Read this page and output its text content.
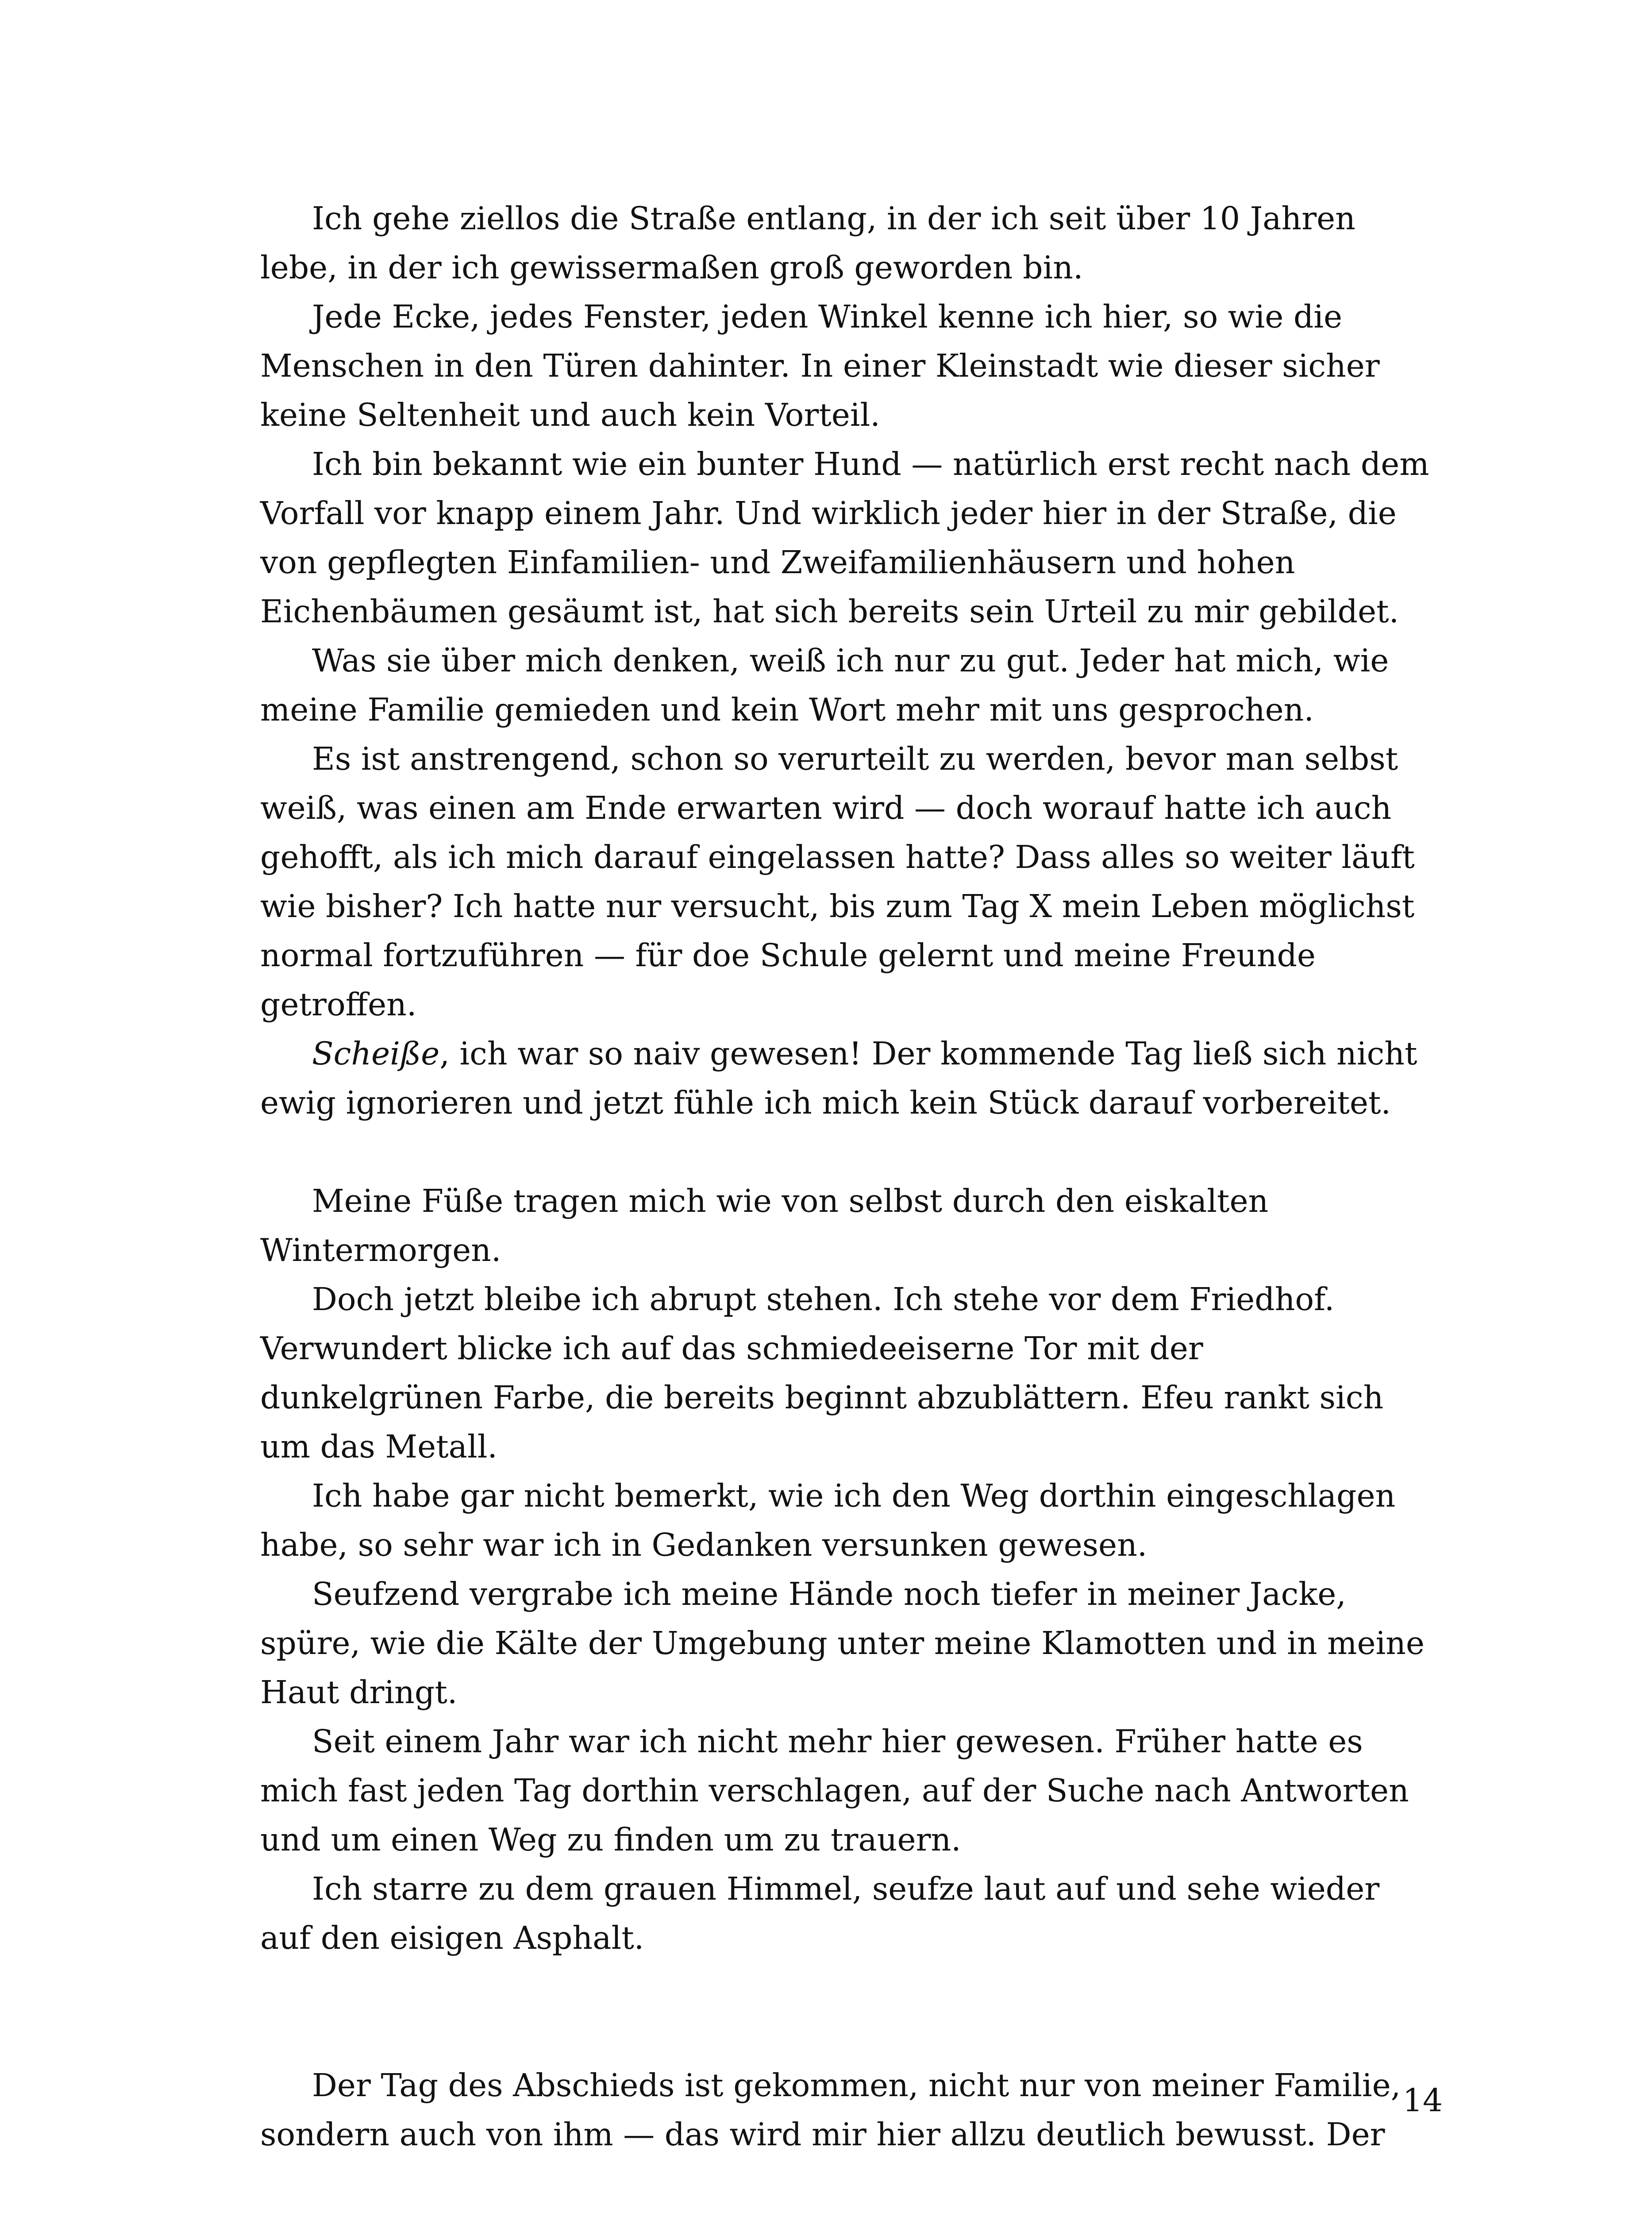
Ich gehe ziellos die Straße entlang, in der ich seit über 10 Jahren lebe, in der ich gewissermaßen groß geworden bin.

Jede Ecke, jedes Fenster, jeden Winkel kenne ich hier, so wie die Menschen in den Türen dahinter. In einer Kleinstadt wie dieser sicher keine Seltenheit und auch kein Vorteil.

Ich bin bekannt wie ein bunter Hund — natürlich erst recht nach dem Vorfall vor knapp einem Jahr. Und wirklich jeder hier in der Straße, die von gepflegten Einfamilien- und Zweifamilienhäusern und hohen Eichenbäumen gesäumt ist, hat sich bereits sein Urteil zu mir gebildet.

Was sie über mich denken, weiß ich nur zu gut. Jeder hat mich, wie meine Familie gemieden und kein Wort mehr mit uns gesprochen.

Es ist anstrengend, schon so verurteilt zu werden, bevor man selbst weiß, was einen am Ende erwarten wird — doch worauf hatte ich auch gehofft, als ich mich darauf eingelassen hatte? Dass alles so weiter läuft wie bisher? Ich hatte nur versucht, bis zum Tag X mein Leben möglichst normal fortzuführen — für doe Schule gelernt und meine Freunde getroffen.

Scheiße, ich war so naiv gewesen! Der kommende Tag ließ sich nicht ewig ignorieren und jetzt fühle ich mich kein Stück darauf vorbereitet.

Meine Füße tragen mich wie von selbst durch den eiskalten Wintermorgen.

Doch jetzt bleibe ich abrupt stehen. Ich stehe vor dem Friedhof. Verwundert blicke ich auf das schmiedeeiserne Tor mit der dunkelgrünen Farbe, die bereits beginnt abzublättern. Efeu rankt sich um das Metall.

Ich habe gar nicht bemerkt, wie ich den Weg dorthin eingeschlagen habe, so sehr war ich in Gedanken versunken gewesen.

Seufzend vergrabe ich meine Hände noch tiefer in meiner Jacke, spüre, wie die Kälte der Umgebung unter meine Klamotten und in meine Haut dringt.

Seit einem Jahr war ich nicht mehr hier gewesen. Früher hatte es mich fast jeden Tag dorthin verschlagen, auf der Suche nach Antworten und um einen Weg zu finden um zu trauern.

Ich starre zu dem grauen Himmel, seufze laut auf und sehe wieder auf den eisigen Asphalt.

Der Tag des Abschieds ist gekommen, nicht nur von meiner Familie, sondern auch von ihm — das wird mir hier allzu deutlich bewusst. Der

14
